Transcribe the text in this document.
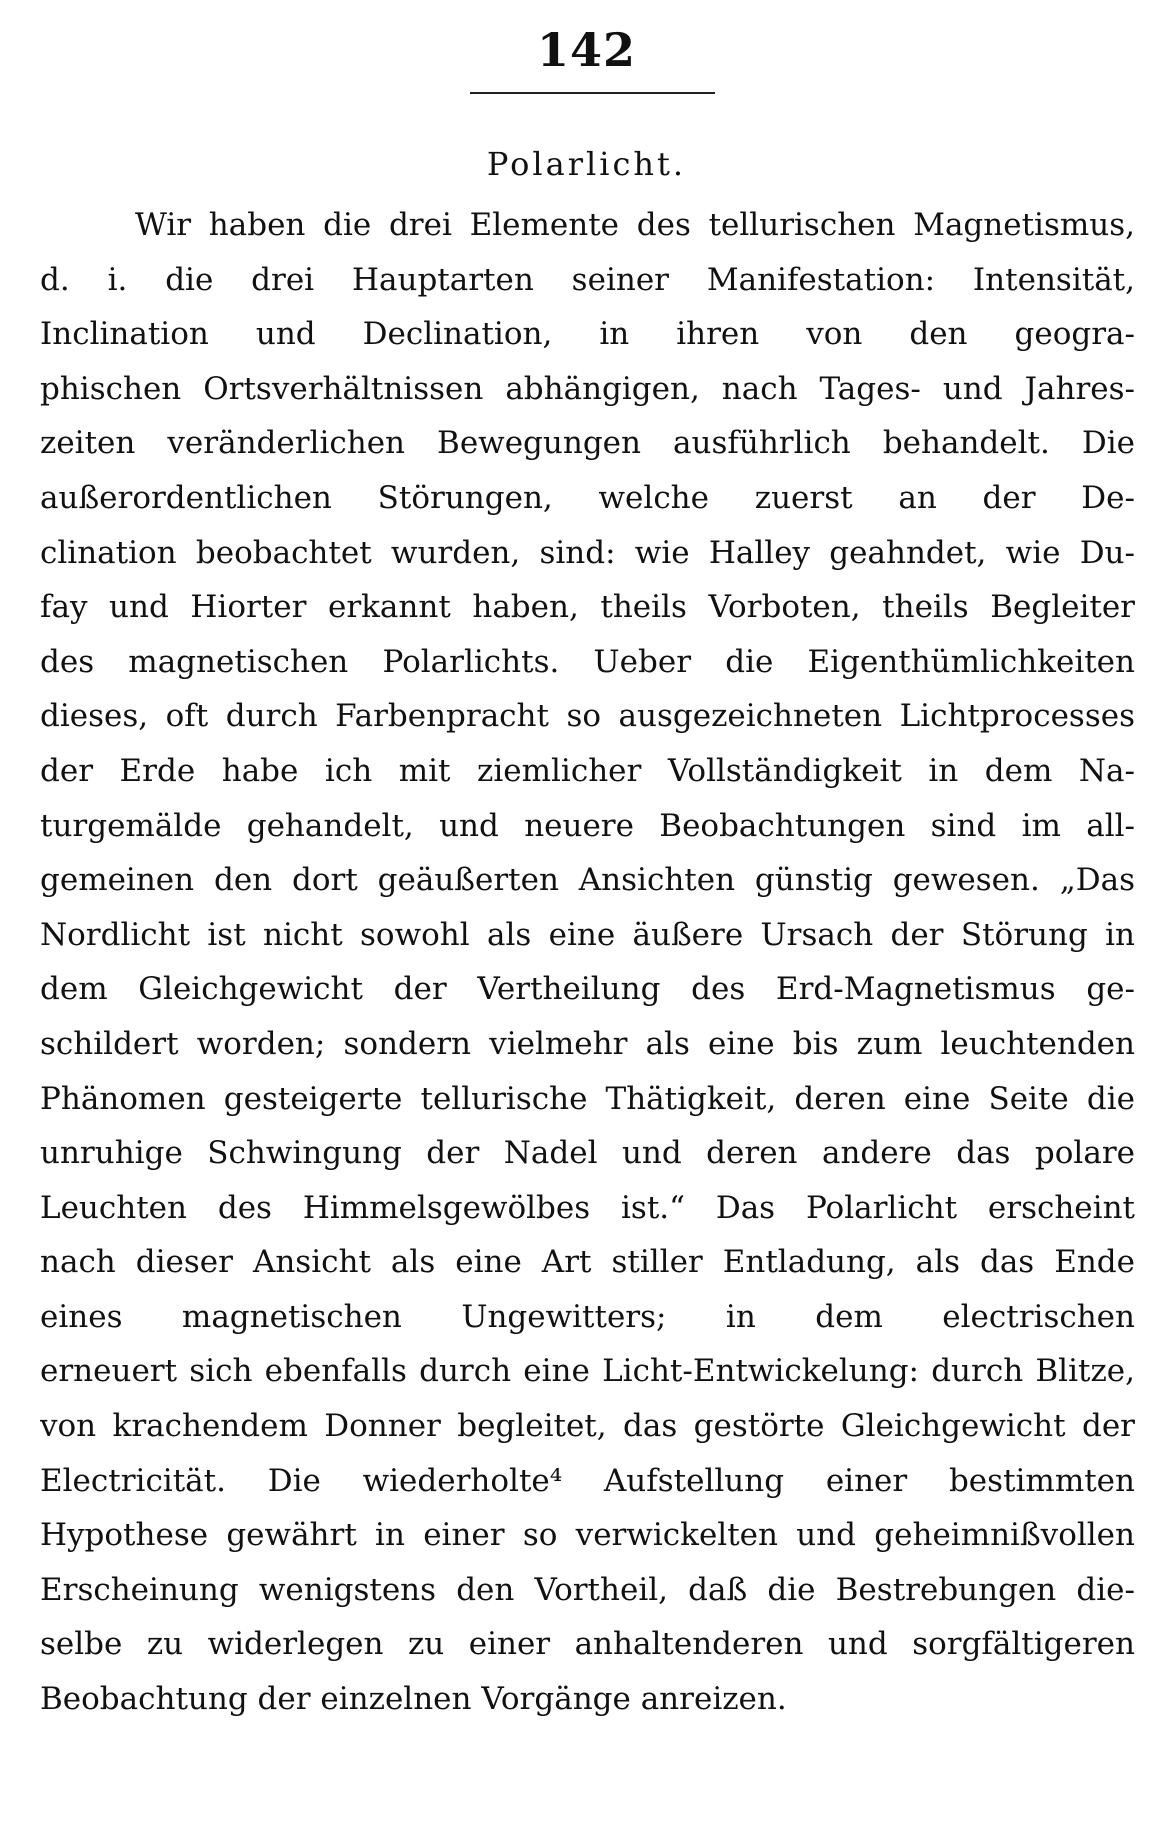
142
Polarlicht.
Wir haben die drei Elemente des tellurischen Magnetismus,
d. i. die drei Hauptarten seiner Manifestation: Intensität,
Inclination und Declination, in ihren von den geogra-
phischen Ortsverhältnissen abhängigen, nach Tages- und Jahres-
zeiten veränderlichen Bewegungen ausführlich behandelt. Die
außerordentlichen Störungen, welche zuerst an der De-
clination beobachtet wurden, sind: wie Halley geahndet, wie Du-
fay und Hiorter erkannt haben, theils Vorboten, theils Begleiter
des magnetischen Polarlichts. Ueber die Eigenthümlichkeiten
dieses, oft durch Farbenpracht so ausgezeichneten Lichtprocesses
der Erde habe ich mit ziemlicher Vollständigkeit in dem Na-
turgemälde gehandelt, und neuere Beobachtungen sind im all-
gemeinen den dort geäußerten Ansichten günstig gewesen. „Das
Nordlicht ist nicht sowohl als eine äußere Ursach der Störung in
dem Gleichgewicht der Vertheilung des Erd-Magnetismus ge-
schildert worden; sondern vielmehr als eine bis zum leuchtenden
Phänomen gesteigerte tellurische Thätigkeit, deren eine Seite die
unruhige Schwingung der Nadel und deren andere das polare
Leuchten des Himmelsgewölbes ist.“ Das Polarlicht erscheint
nach dieser Ansicht als eine Art stiller Entladung, als das Ende
eines magnetischen Ungewitters; in dem electrischen
erneuert sich ebenfalls durch eine Licht-Entwickelung: durch Blitze,
von krachendem Donner begleitet, das gestörte Gleichgewicht der
Electricität. Die wiederholte⁴ Aufstellung einer bestimmten
Hypothese gewährt in einer so verwickelten und geheimnißvollen
Erscheinung wenigstens den Vortheil, daß die Bestrebungen die-
selbe zu widerlegen zu einer anhaltenderen und sorgfältigeren
Beobachtung der einzelnen Vorgänge anreizen.
